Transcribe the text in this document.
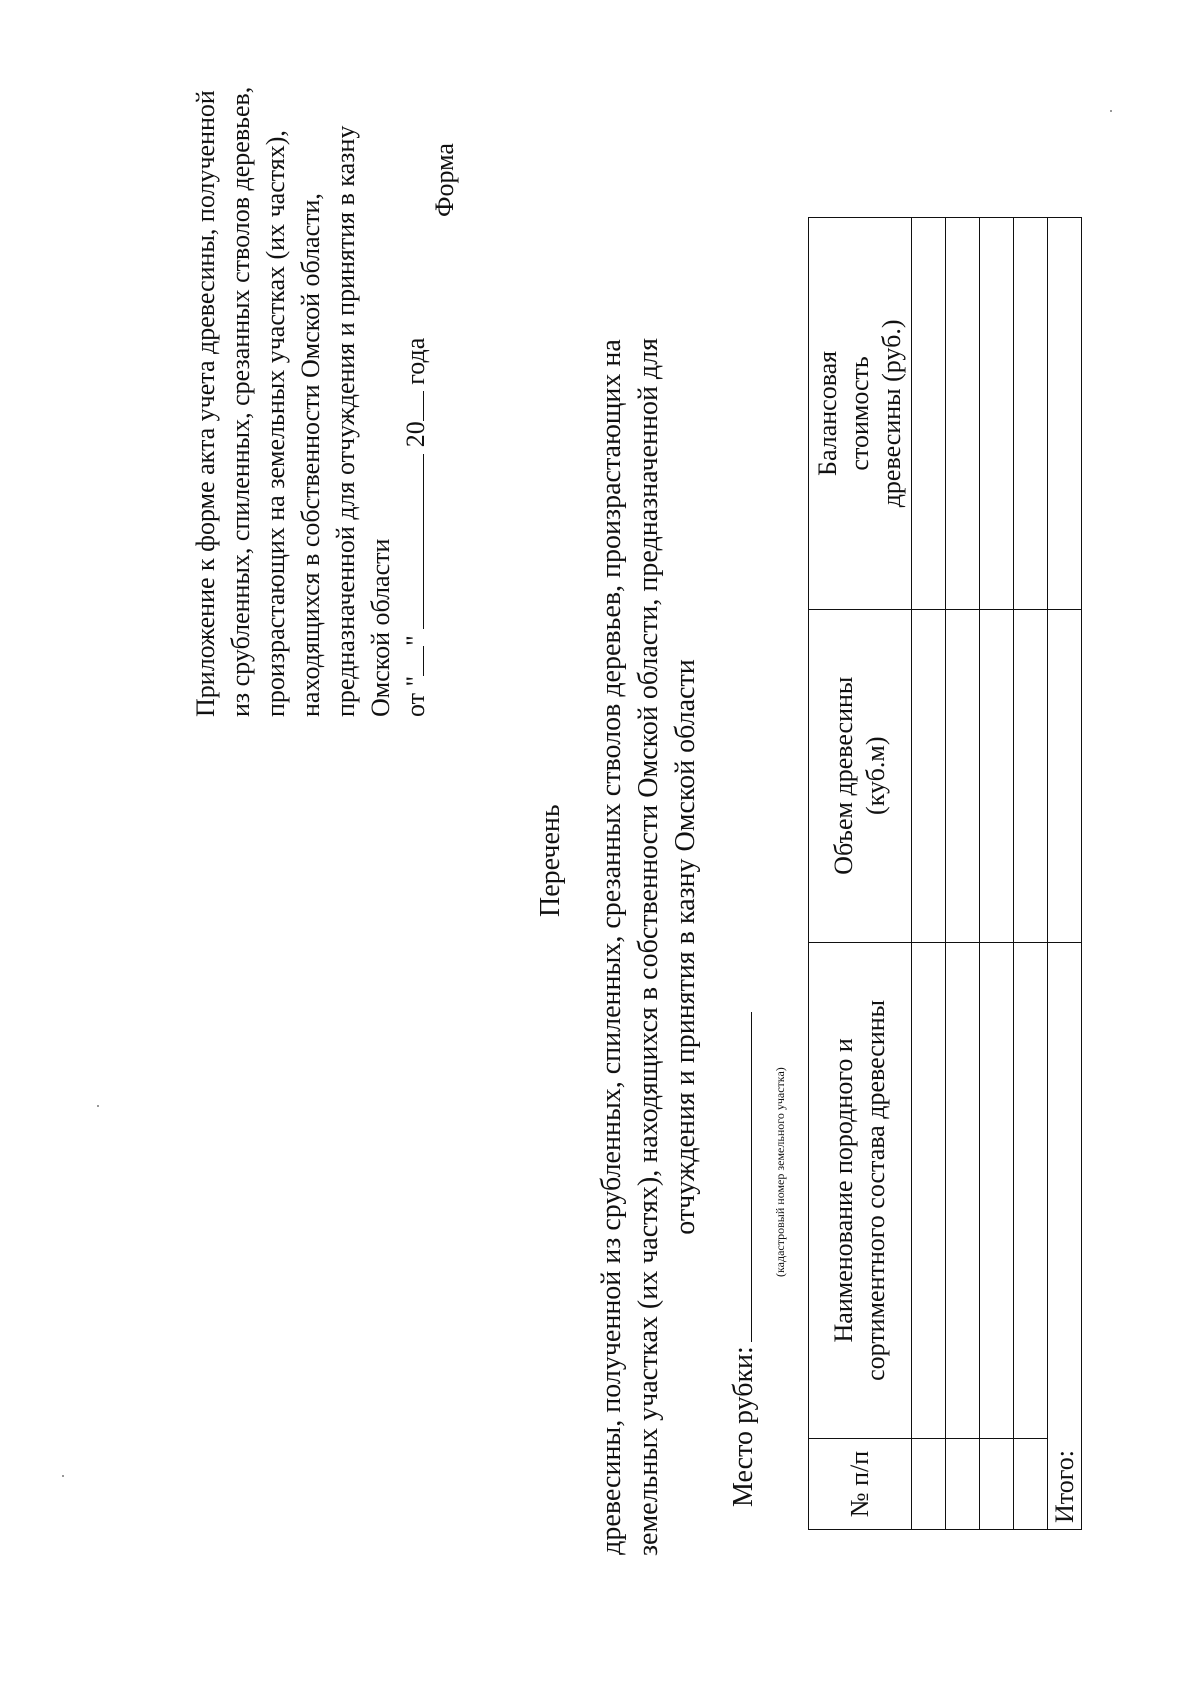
Приложение к форме акта учета древесины, полученной из срубленных, спиленных, срезанных стволов деревьев, произрастающих на земельных участках (их частях), находящихся в собственности Омской области, предназначенной для отчуждения и принятия в казну Омской области от ""  20 года
Форма
Перечень древесины, полученной из срубленных, спиленных, срезанных стволов деревьев, произрастающих на земельных участках (их частях), находящихся в собственности Омской области, предназначенной для отчуждения и принятия в казну Омской области
Место рубки:
(кадастровый номер земельного участка)
№ п/п	Наименование породного и сортиментного состава древесины	Объем древесины (куб.м)	Балансовая стоимость древесины (руб.)

Итого:			
